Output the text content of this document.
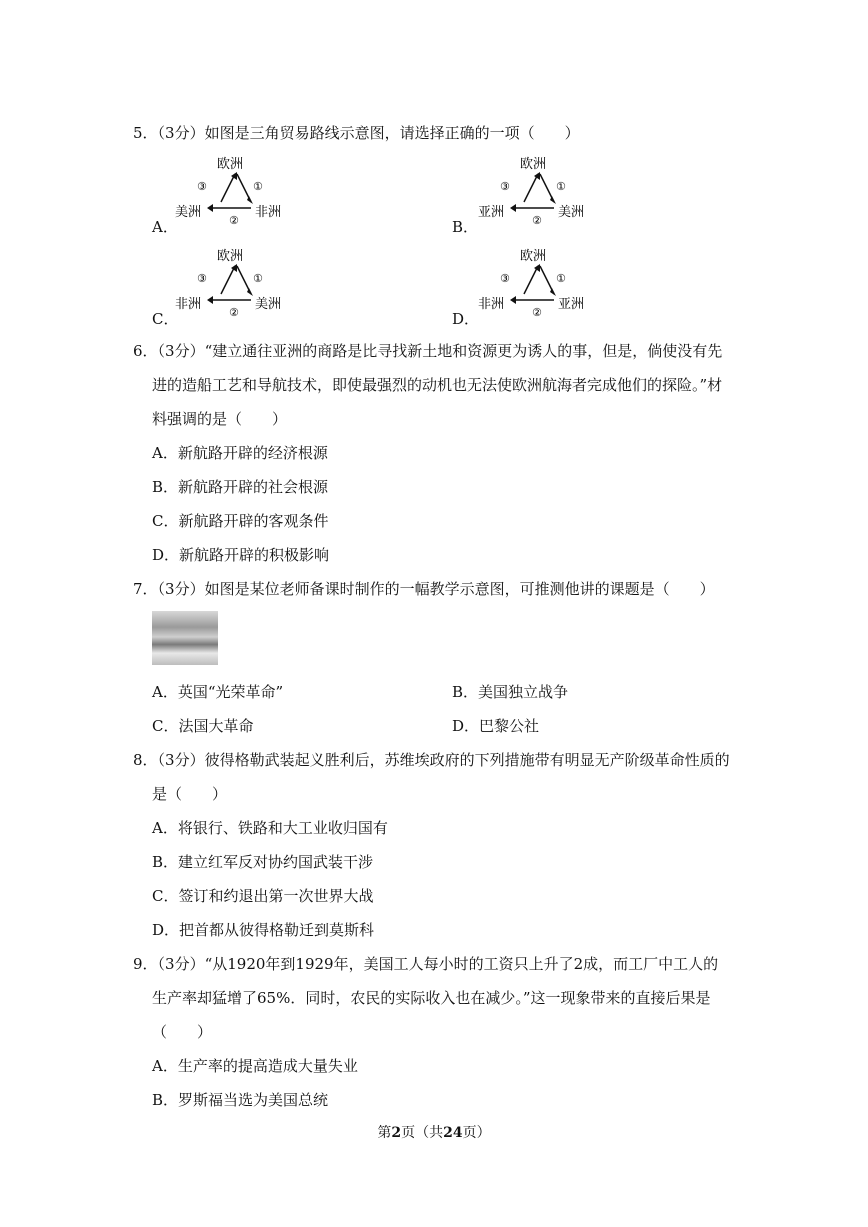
5．（3分）如图是三角贸易路线示意图，请选择正确的一项（　　）
A．
欧洲
美洲	非洲
③	①
②	B．
欧洲
亚洲	美洲
③	①
②
C．
欧洲
非洲	美洲
③	①
②	D．
欧洲
非洲	亚洲
③	①
②
6．（3分）“建立通往亚洲的商路是比寻找新土地和资源更为诱人的事，但是，倘使没有先
进的造船工艺和导航技术，即使最强烈的动机也无法使欧洲航海者完成他们的探险。”材
料强调的是（　　）
A．新航路开辟的经济根源
B．新航路开辟的社会根源
C．新航路开辟的客观条件
D．新航路开辟的积极影响
7．（3分）如图是某位老师备课时制作的一幅教学示意图，可推测他讲的课题是（　　）
A．英国“光荣革命”	B．美国独立战争
C．法国大革命	D．巴黎公社
8．（3分）彼得格勒武装起义胜利后，苏维埃政府的下列措施带有明显无产阶级革命性质的
是（　　）
A．将银行、铁路和大工业收归国有
B．建立红军反对协约国武装干涉
C．签订和约退出第一次世界大战
D．把首都从彼得格勒迁到莫斯科
9．（3分）“从1920年到1929年，美国工人每小时的工资只上升了2成，而工厂中工人的
生产率却猛增了65%．同时，农民的实际收入也在减少。”这一现象带来的直接后果是
（　　）
A．生产率的提高造成大量失业
B．罗斯福当选为美国总统
第2页（共24页）
